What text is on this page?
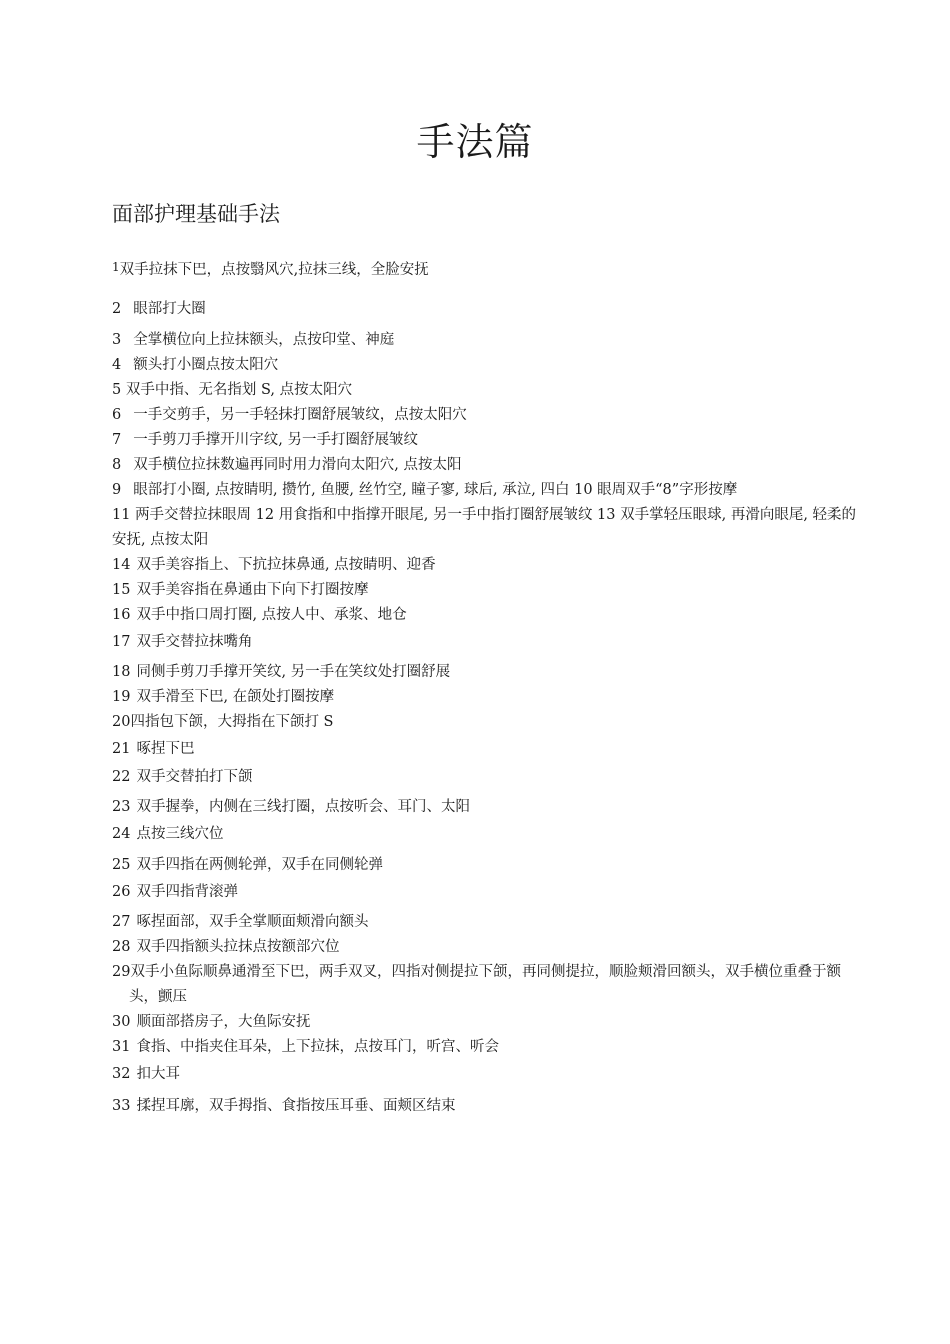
手法篇
面部护理基础手法
$^1$双手拉抹下巴，点按翳风穴,拉抹三线，全脸安抚
2 眼部打大圈
3 全掌横位向上拉抹额头，点按印堂、神庭
4 额头打小圈点按太阳穴
5 双手中指、无名指划 S, 点按太阳穴
6 一手交剪手，另一手轻抹打圈舒展皱纹，点按太阳穴
7 一手剪刀手撑开川字纹, 另一手打圈舒展皱纹
8 双手横位拉抹数遍再同时用力滑向太阳穴, 点按太阳
9 眼部打小圈, 点按睛明, 攒竹, 鱼腰, 丝竹空, 瞳子寥, 球后, 承泣, 四白 10 眼周双手“8”字形按摩
11 两手交替拉抹眼周 12 用食指和中指撑开眼尾, 另一手中指打圈舒展皱纹 13 双手掌轻压眼球, 再滑向眼尾, 轻柔的安抚, 点按太阳
14 双手美容指上、下抗拉抹鼻通, 点按睛明、迎香
15 双手美容指在鼻通由下向下打圈按摩
16 双手中指口周打圈, 点按人中、承浆、地仓
17 双手交替拉抹嘴角
18 同侧手剪刀手撑开笑纹, 另一手在笑纹处打圈舒展
19 双手滑至下巴, 在颌处打圈按摩
20四指包下颌，大拇指在下颌打 S
21 啄捏下巴
22 双手交替拍打下颌
23 双手握拳，内侧在三线打圈，点按听会、耳门、太阳
24 点按三线穴位
25 双手四指在两侧轮弹，双手在同侧轮弹
26 双手四指背滚弹
27 啄捏面部，双手全掌顺面颊滑向额头
28 双手四指额头拉抹点按额部穴位
29双手小鱼际顺鼻通滑至下巴，两手双叉，四指对侧提拉下颌，再同侧提拉，顺脸颊滑回额头，双手横位重叠于额头，颤压
30 顺面部搭房子，大鱼际安抚
31 食指、中指夹住耳朵，上下拉抹，点按耳门，听宫、听会
32 扣大耳
33 揉捏耳廓，双手拇指、食指按压耳垂、面颊区结束
